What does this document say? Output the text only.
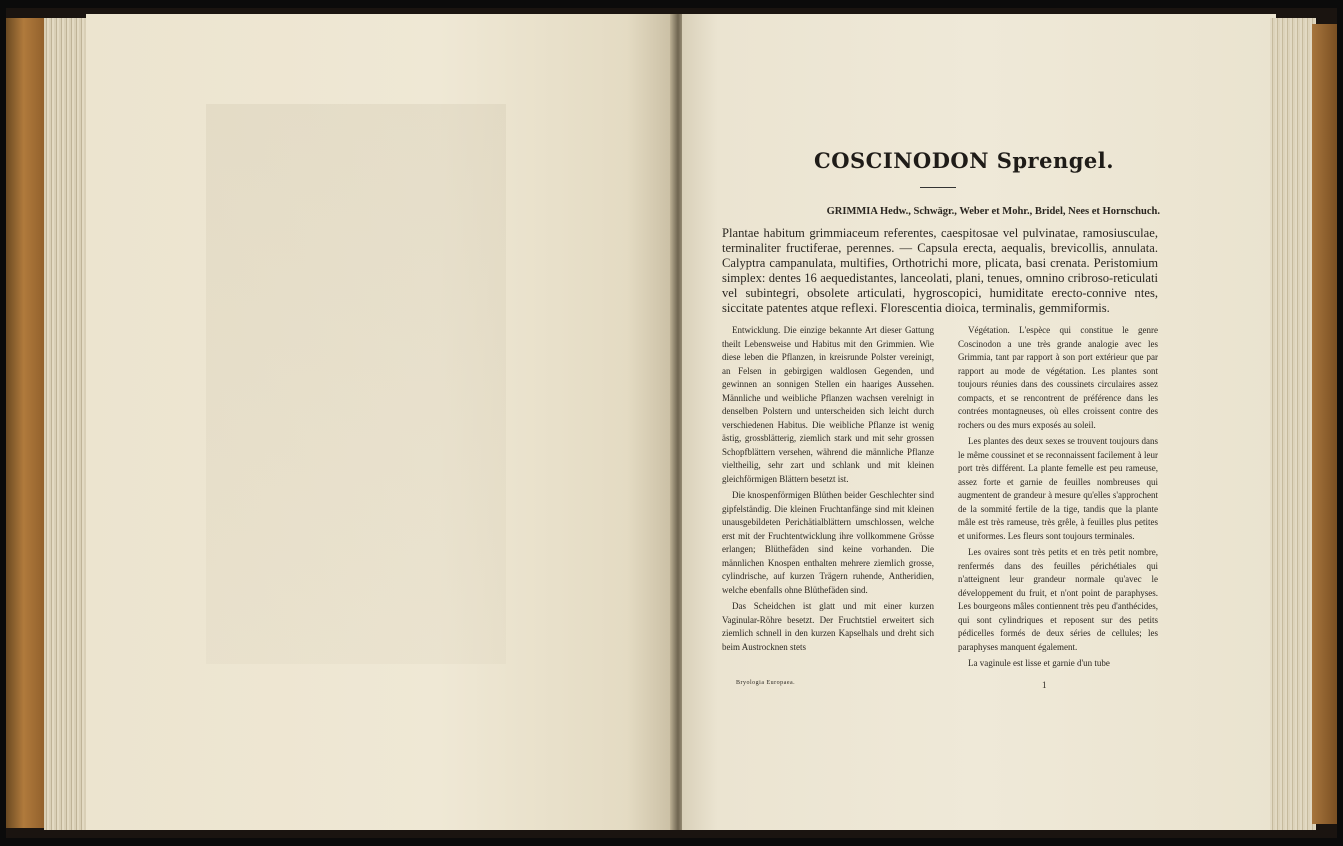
COSCINODON Sprengel.
GRIMMIA Hedw., Schwägr., Weber et Mohr., Bridel, Nees et Hornschuch.
Plantae habitum grimmiaceum referentes, caespitosae vel pulvinatae, ramosiusculae, terminaliter fructiferae, perennes. — Capsula erecta, aequalis, brevicollis, annulata. Calyptra campanulata, multifies, Orthotrichi more, plicata, basi crenata. Peristomium simplex: dentes 16 aequedistantes, lanceolati, plani, tenues, omnino cribroso-reticulati vel subintegri, obsolete articulati, hygroscopici, humiditate erecto-connive ntes, siccitate patentes atque reflexi. Florescentia dioica, terminalis, gemmiformis.

Entwicklung. Die einzige bekannte Art dieser Gattung theilt Lebensweise und Habitus mit den Grimmien. Wie diese leben die Pflanzen, in kreisrunde Polster vereinigt, an Felsen in gebirgigen waldlosen Gegenden, und gewinnen an sonnigen Stellen ein haariges Aussehen. Männliche und weibliche Pflanzen wachsen verelnigt in denselben Polstern und unterscheiden sich leicht durch verschiedenen Habitus. Die weibliche Pflanze ist wenig ästig, grossblätterig, ziemlich stark und mit sehr grossen Schopfblättern versehen, während die männliche Pflanze vieltheilig, sehr zart und schlank und mit kleinen gleichförmigen Blättern besetzt ist.

Die knospenförmigen Blüthen beider Geschlechter sind gipfelständig. Die kleinen Fruchtanfänge sind mit kleinen unausgebildeten Perichätialblättern umschlossen, welche erst mit der Fruchtentwicklung ihre vollkommene Grösse erlangen; Blüthefäden sind keine vorhanden. Die männlichen Knospen enthalten mehrere ziemlich grosse, cylindrische, auf kurzen Trägern ruhende, Antheridien, welche ebenfalls ohne Blüthefäden sind.

Das Scheidchen ist glatt und mit einer kurzen Vaginular-Röhre besetzt. Der Fruchtstiel erweitert sich ziemlich schnell in den kurzen Kapselhals und dreht sich beim Austrocknen stets

Végétation. L'espèce qui constitue le genre Coscinodon a une très grande analogie avec les Grimmia, tant par rapport à son port extérieur que par rapport au mode de végétation. Les plantes sont toujours réunies dans des coussinets circulaires assez compacts, et se rencontrent de préférence dans les contrées montagneuses, où elles croissent contre des rochers ou des murs exposés au soleil.

Les plantes des deux sexes se trouvent toujours dans le même coussinet et se reconnaissent facilement à leur port très différent. La plante femelle est peu rameuse, assez forte et garnie de feuilles nombreuses qui augmentent de grandeur à mesure qu'elles s'approchent de la sommité fertile de la tige, tandis que la plante mâle est très rameuse, très grêle, à feuilles plus petites et uniformes. Les fleurs sont toujours terminales.

Les ovaires sont très petits et en très petit nombre, renfermés dans des feuilles périchétiales qui n'atteignent leur grandeur normale qu'avec le développement du fruit, et n'ont point de paraphyses. Les bourgeons mâles contiennent très peu d'anthécides, qui sont cylindriques et reposent sur des petits pédicelles formés de deux séries de cellules; les paraphyses manquent également.

La vaginule est lisse et garnie d'un tube

Bryologia Europaea.	1
